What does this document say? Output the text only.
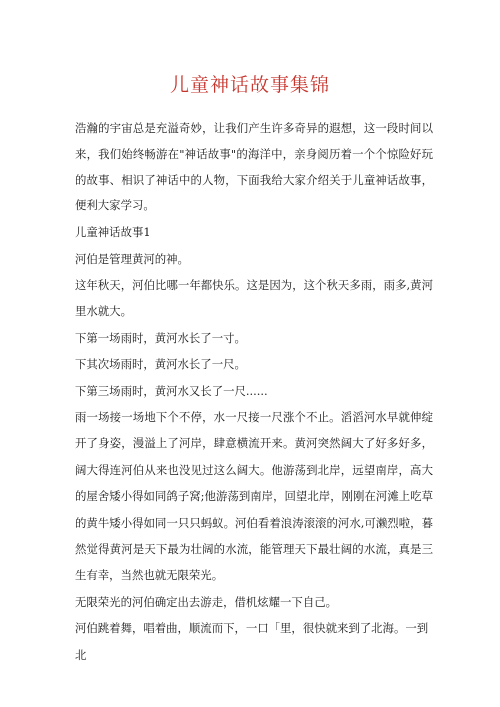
儿童神话故事集锦

浩瀚的宇宙总是充溢奇妙，让我们产生许多奇异的遐想，这一段时间以来，我们始终畅游在"神话故事"的海洋中，亲身阅历着一个个惊险好玩的故事、相识了神话中的人物，下面我给大家介绍关于儿童神话故事，便利大家学习。

儿童神话故事1

河伯是管理黄河的神。

这年秋天，河伯比哪一年都快乐。这是因为，这个秋天多雨，雨多,黄河里水就大。

下第一场雨时，黄河水长了一寸。

下其次场雨时，黄河水长了一尺。

下第三场雨时，黄河水又长了一尺......

雨一场接一场地下个不停，水一尺接一尺涨个不止。滔滔河水早就伸绽开了身姿，漫溢上了河岸，肆意横流开来。黄河突然阔大了好多好多，阔大得连河伯从来也没见过这么阔大。他游荡到北岸，远望南岸，高大的屋舍矮小得如同鸽子窝;他游荡到南岸，回望北岸，刚刚在河滩上吃草的黄牛矮小得如同一只只蚂蚁。河伯看着浪涛滚滚的河水,可濑烈啦，暮然觉得黄河是天下最为壮阔的水流，能管理天下最壮阔的水流，真是三生有幸，当然也就无限荣光。

无限荣光的河伯确定出去游走，借机炫耀一下自己。

河伯跳着舞，唱着曲，顺流而下，一口「里，很快就来到了北海。一到北
